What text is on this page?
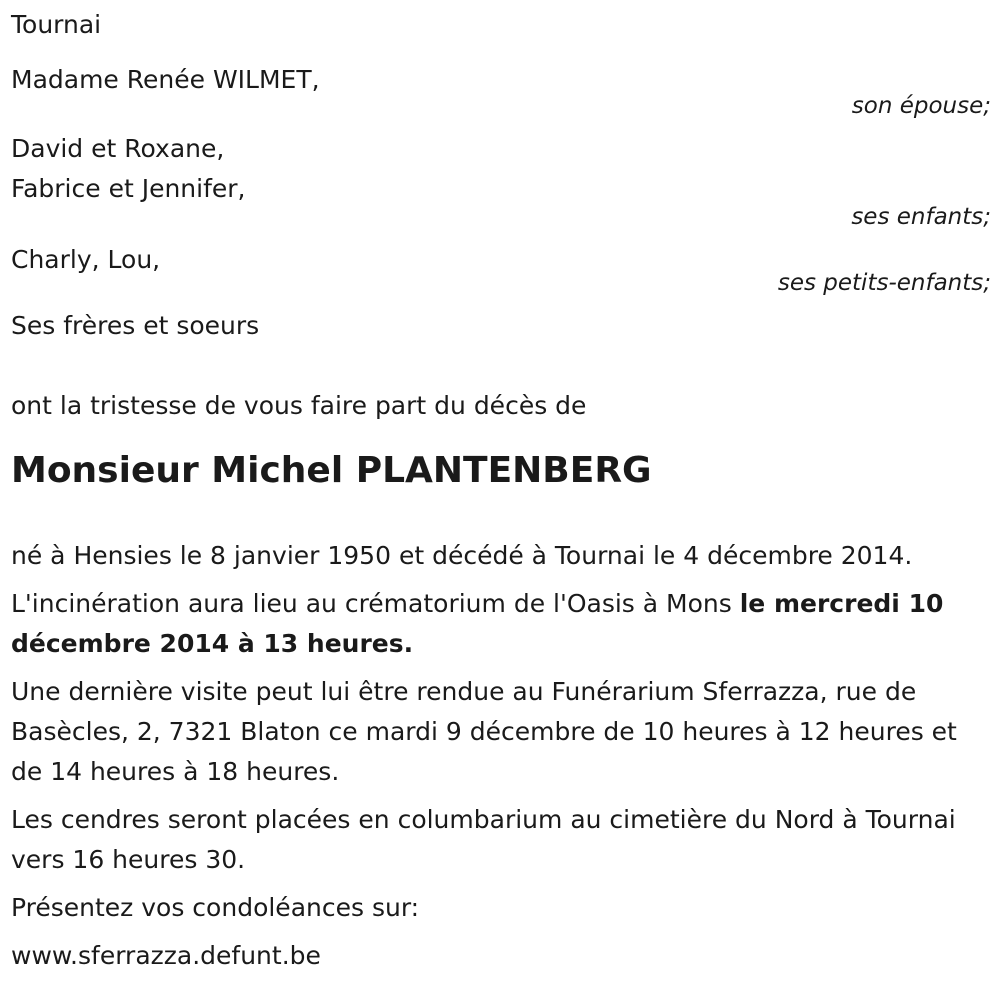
Tournai
Madame Renée WILMET,
son épouse;
David et Roxane,
Fabrice et Jennifer,
ses enfants;
Charly, Lou,
ses petits-enfants;
Ses frères et soeurs
ont la tristesse de vous faire part du décès de
Monsieur Michel PLANTENBERG
né à Hensies le 8 janvier 1950 et décédé à Tournai le 4 décembre 2014.
L'incinération aura lieu au crématorium de l'Oasis à Mons le mercredi 10 décembre 2014 à 13 heures.
Une dernière visite peut lui être rendue au Funérarium Sferrazza, rue de Basècles, 2, 7321 Blaton ce mardi 9 décembre de 10 heures à 12 heures et de 14 heures à 18 heures.
Les cendres seront placées en columbarium au cimetière du Nord à Tournai vers 16 heures 30.
Présentez vos condoléances sur:
www.sferrazza.defunt.be
